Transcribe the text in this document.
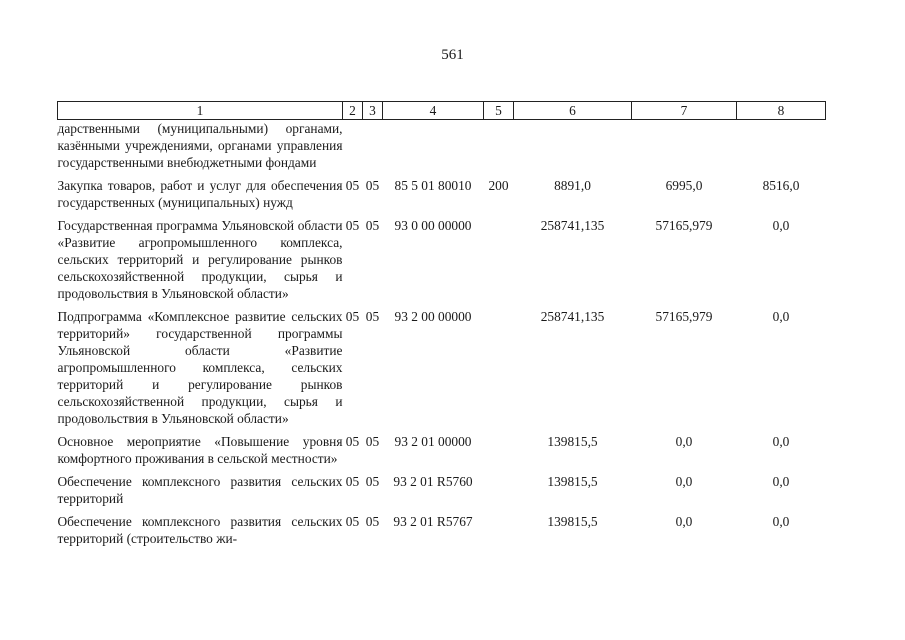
561
1	2	3	4	5	6	7	8
дарственными (муниципальными) органами, казёнными учреждениями, органами управления государственными внебюджетными фондами							
Закупка товаров, работ и услуг для обеспечения государственных (муниципальных) нужд	05	05	85 5 01 80010	200	8891,0	6995,0	8516,0
Государственная программа Ульяновской области «Развитие агропромышленного комплекса, сельских территорий и регулирование рынков сельскохозяйственной продукции, сырья и продовольствия в Ульяновской области»	05	05	93 0 00 00000		258741,135	57165,979	0,0
Подпрограмма «Комплексное развитие сельских территорий» государственной программы Ульяновской области «Развитие агропромышленного комплекса, сельских территорий и регулирование рынков сельскохозяйственной продукции, сырья и продовольствия в Ульяновской области»	05	05	93 2 00 00000		258741,135	57165,979	0,0
Основное мероприятие «Повышение уровня комфортного проживания в сельской местности»	05	05	93 2 01 00000		139815,5	0,0	0,0
Обеспечение комплексного развития сельских территорий	05	05	93 2 01 R5760		139815,5	0,0	0,0
Обеспечение комплексного развития сельских территорий (строительство жи-	05	05	93 2 01 R5767		139815,5	0,0	0,0
